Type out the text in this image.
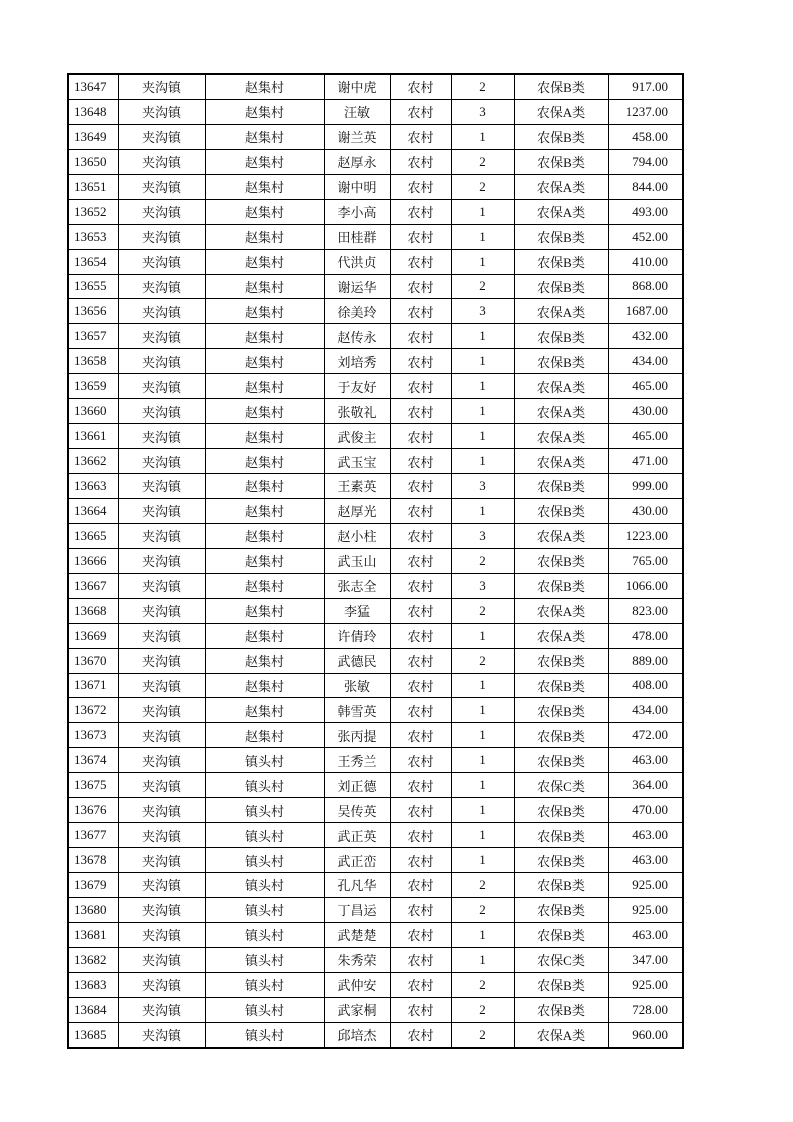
13647	夹沟镇	赵集村	谢中虎	农村	2	农保B类	917.00
13648	夹沟镇	赵集村	汪敏	农村	3	农保A类	1237.00
13649	夹沟镇	赵集村	谢兰英	农村	1	农保B类	458.00
13650	夹沟镇	赵集村	赵厚永	农村	2	农保B类	794.00
13651	夹沟镇	赵集村	谢中明	农村	2	农保A类	844.00
13652	夹沟镇	赵集村	李小高	农村	1	农保A类	493.00
13653	夹沟镇	赵集村	田桂群	农村	1	农保B类	452.00
13654	夹沟镇	赵集村	代洪贞	农村	1	农保B类	410.00
13655	夹沟镇	赵集村	谢运华	农村	2	农保B类	868.00
13656	夹沟镇	赵集村	徐美玲	农村	3	农保A类	1687.00
13657	夹沟镇	赵集村	赵传永	农村	1	农保B类	432.00
13658	夹沟镇	赵集村	刘培秀	农村	1	农保B类	434.00
13659	夹沟镇	赵集村	于友好	农村	1	农保A类	465.00
13660	夹沟镇	赵集村	张敬礼	农村	1	农保A类	430.00
13661	夹沟镇	赵集村	武俊主	农村	1	农保A类	465.00
13662	夹沟镇	赵集村	武玉宝	农村	1	农保A类	471.00
13663	夹沟镇	赵集村	王素英	农村	3	农保B类	999.00
13664	夹沟镇	赵集村	赵厚光	农村	1	农保B类	430.00
13665	夹沟镇	赵集村	赵小柱	农村	3	农保A类	1223.00
13666	夹沟镇	赵集村	武玉山	农村	2	农保B类	765.00
13667	夹沟镇	赵集村	张志全	农村	3	农保B类	1066.00
13668	夹沟镇	赵集村	李猛	农村	2	农保A类	823.00
13669	夹沟镇	赵集村	许倩玲	农村	1	农保A类	478.00
13670	夹沟镇	赵集村	武德民	农村	2	农保B类	889.00
13671	夹沟镇	赵集村	张敏	农村	1	农保B类	408.00
13672	夹沟镇	赵集村	韩雪英	农村	1	农保B类	434.00
13673	夹沟镇	赵集村	张丙提	农村	1	农保B类	472.00
13674	夹沟镇	镇头村	王秀兰	农村	1	农保B类	463.00
13675	夹沟镇	镇头村	刘正德	农村	1	农保C类	364.00
13676	夹沟镇	镇头村	吴传英	农村	1	农保B类	470.00
13677	夹沟镇	镇头村	武正英	农村	1	农保B类	463.00
13678	夹沟镇	镇头村	武正峦	农村	1	农保B类	463.00
13679	夹沟镇	镇头村	孔凡华	农村	2	农保B类	925.00
13680	夹沟镇	镇头村	丁昌运	农村	2	农保B类	925.00
13681	夹沟镇	镇头村	武楚楚	农村	1	农保B类	463.00
13682	夹沟镇	镇头村	朱秀荣	农村	1	农保C类	347.00
13683	夹沟镇	镇头村	武仲安	农村	2	农保B类	925.00
13684	夹沟镇	镇头村	武家桐	农村	2	农保B类	728.00
13685	夹沟镇	镇头村	邱培杰	农村	2	农保A类	960.00
